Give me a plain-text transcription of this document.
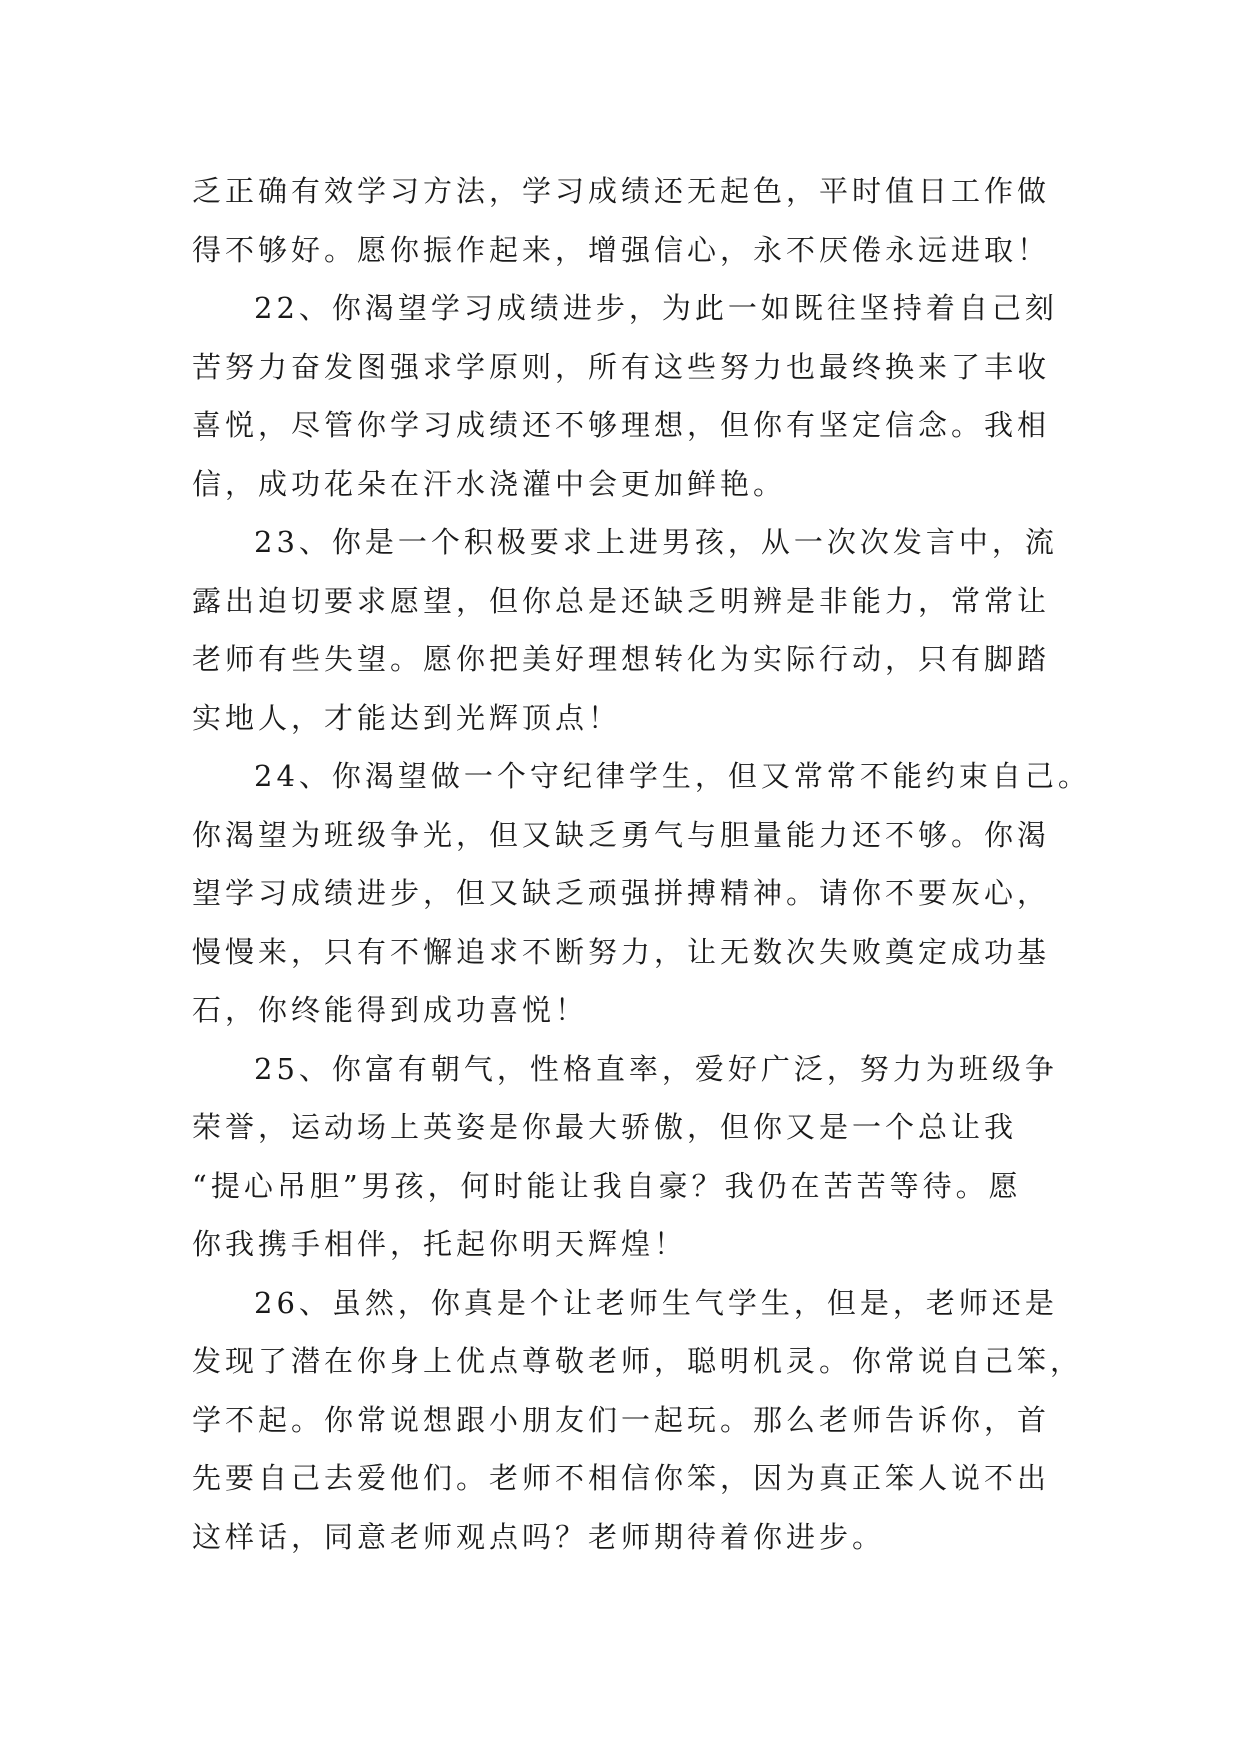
乏正确有效学习方法，学习成绩还无起色，平时值日工作做
得不够好。愿你振作起来，增强信心，永不厌倦永远进取！
22、你渴望学习成绩进步，为此一如既往坚持着自己刻
苦努力奋发图强求学原则，所有这些努力也最终换来了丰收
喜悦，尽管你学习成绩还不够理想，但你有坚定信念。我相
信，成功花朵在汗水浇灌中会更加鲜艳。
23、你是一个积极要求上进男孩，从一次次发言中，流
露出迫切要求愿望，但你总是还缺乏明辨是非能力，常常让
老师有些失望。愿你把美好理想转化为实际行动，只有脚踏
实地人，才能达到光辉顶点！
24、你渴望做一个守纪律学生，但又常常不能约束自己。
你渴望为班级争光，但又缺乏勇气与胆量能力还不够。你渴
望学习成绩进步，但又缺乏顽强拼搏精神。请你不要灰心，
慢慢来，只有不懈追求不断努力，让无数次失败奠定成功基
石，你终能得到成功喜悦！
25、你富有朝气，性格直率，爱好广泛，努力为班级争
荣誉，运动场上英姿是你最大骄傲，但你又是一个总让我
“提心吊胆”男孩，何时能让我自豪？我仍在苦苦等待。愿
你我携手相伴，托起你明天辉煌！
26、虽然，你真是个让老师生气学生，但是，老师还是
发现了潜在你身上优点尊敬老师，聪明机灵。你常说自己笨，
学不起。你常说想跟小朋友们一起玩。那么老师告诉你，首
先要自己去爱他们。老师不相信你笨，因为真正笨人说不出
这样话，同意老师观点吗？老师期待着你进步。
